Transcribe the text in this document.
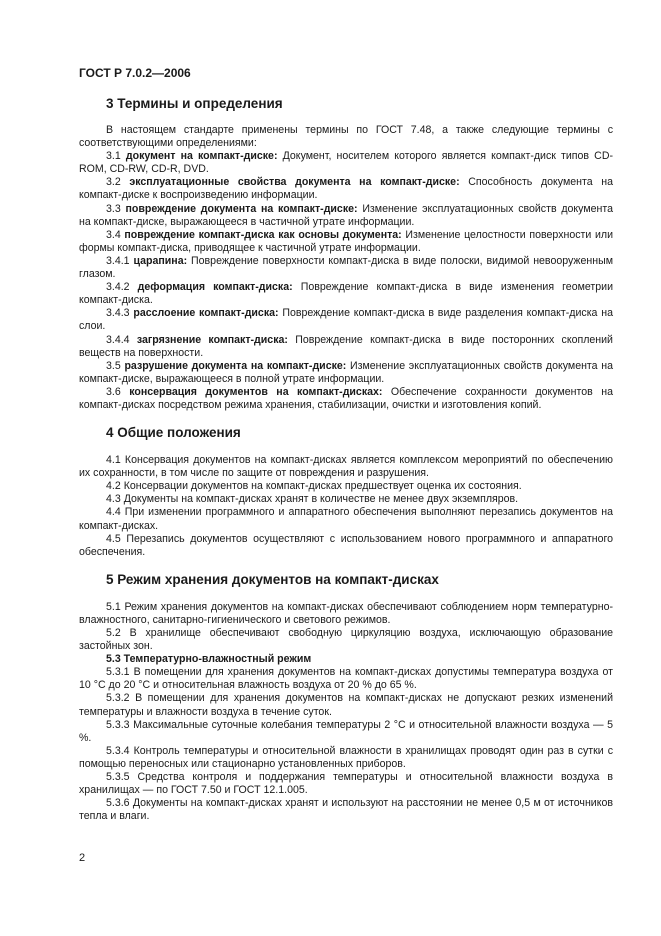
ГОСТ Р 7.0.2—2006
3 Термины и определения

В настоящем стандарте применены термины по ГОСТ 7.48, а также следующие термины с соответствующими определениями:

3.1 документ на компакт-диске: Документ, носителем которого является компакт-диск типов CD-ROM, CD-RW, CD-R, DVD.

3.2 эксплуатационные свойства документа на компакт-диске: Способность документа на компакт-диске к воспроизведению информации.

3.3 повреждение документа на компакт-диске: Изменение эксплуатационных свойств документа на компакт-диске, выражающееся в частичной утрате информации.

3.4 повреждение компакт-диска как основы документа: Изменение целостности поверхности или формы компакт-диска, приводящее к частичной утрате информации.

3.4.1 царапина: Повреждение поверхности компакт-диска в виде полоски, видимой невооруженным глазом.

3.4.2 деформация компакт-диска: Повреждение компакт-диска в виде изменения геометрии компакт-диска.

3.4.3 расслоение компакт-диска: Повреждение компакт-диска в виде разделения компакт-диска на слои.

3.4.4 загрязнение компакт-диска: Повреждение компакт-диска в виде посторонних скоплений веществ на поверхности.

3.5 разрушение документа на компакт-диске: Изменение эксплуатационных свойств документа на компакт-диске, выражающееся в полной утрате информации.

3.6 консервация документов на компакт-дисках: Обеспечение сохранности документов на компакт-дисках посредством режима хранения, стабилизации, очистки и изготовления копий.

4 Общие положения

4.1 Консервация документов на компакт-дисках является комплексом мероприятий по обеспечению их сохранности, в том числе по защите от повреждения и разрушения.

4.2 Консервации документов на компакт-дисках предшествует оценка их состояния.

4.3 Документы на компакт-дисках хранят в количестве не менее двух экземпляров.

4.4 При изменении программного и аппаратного обеспечения выполняют перезапись документов на компакт-дисках.

4.5 Перезапись документов осуществляют с использованием нового программного и аппаратного обеспечения.

5 Режим хранения документов на компакт-дисках

5.1 Режим хранения документов на компакт-дисках обеспечивают соблюдением норм температурно-влажностного, санитарно-гигиенического и светового режимов.

5.2 В хранилище обеспечивают свободную циркуляцию воздуха, исключающую образование застойных зон.

5.3 Температурно-влажностный режим

5.3.1 В помещении для хранения документов на компакт-дисках допустимы температура воздуха от 10 °C до 20 °C и относительная влажность воздуха от 20 % до 65 %.

5.3.2 В помещении для хранения документов на компакт-дисках не допускают резких изменений температуры и влажности воздуха в течение суток.

5.3.3 Максимальные суточные колебания температуры 2 °C и относительной влажности воздуха — 5 %.

5.3.4 Контроль температуры и относительной влажности в хранилищах проводят один раз в сутки с помощью переносных или стационарно установленных приборов.

5.3.5 Средства контроля и поддержания температуры и относительной влажности воздуха в хранилищах — по ГОСТ 7.50 и ГОСТ 12.1.005.

5.3.6 Документы на компакт-дисках хранят и используют на расстоянии не менее 0,5 м от источников тепла и влаги.

2
